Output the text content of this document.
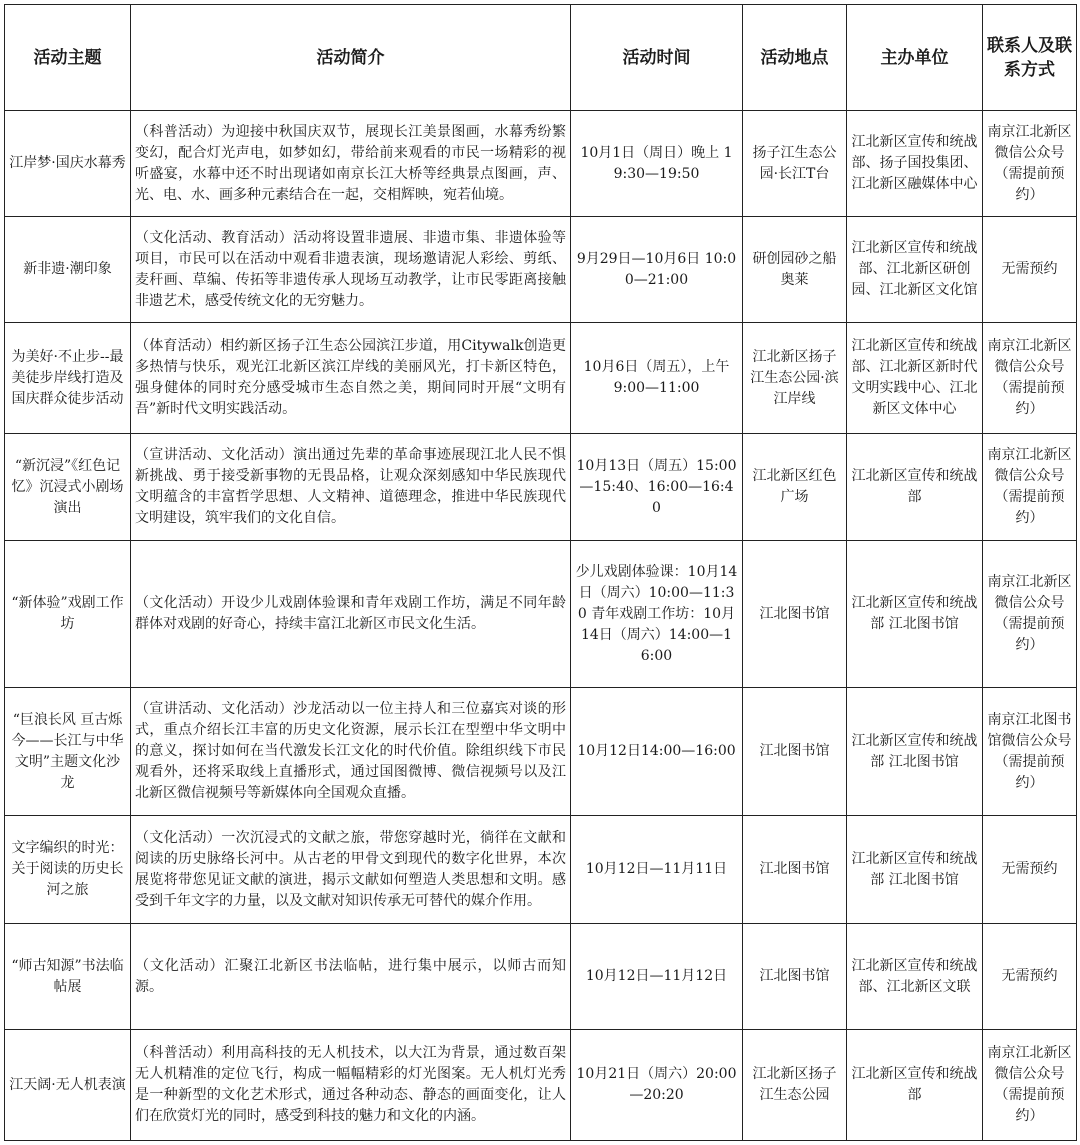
活动主题	活动简介	活动时间	活动地点	主办单位	联系人及联系方式
江岸梦·国庆水幕秀	（科普活动）为迎接中秋国庆双节，展现长江美景图画，水幕秀纷繁变幻，配合灯光声电，如梦如幻，带给前来观看的市民一场精彩的视听盛宴，水幕中还不时出现诸如南京长江大桥等经典景点图画，声、光、电、水、画多种元素结合在一起，交相辉映，宛若仙境。	10月1日（周日）晚上 19:30—19:50	扬子江生态公园·长江T台	江北新区宣传和统战部、扬子国投集团、江北新区融媒体中心	南京江北新区微信公众号（需提前预约）
新非遗·潮印象	（文化活动、教育活动）活动将设置非遗展、非遗市集、非遗体验等项目，市民可以在活动中观看非遗表演，现场邀请泥人彩绘、剪纸、麦秆画、草编、传拓等非遗传承人现场互动教学，让市民零距离接触非遗艺术，感受传统文化的无穷魅力。	9月29日—10月6日 10:00—21:00	研创园砂之船奥莱	江北新区宣传和统战部、江北新区研创园、江北新区文化馆	无需预约
为美好·不止步--最美徒步岸线打造及国庆群众徒步活动	（体育活动）相约新区扬子江生态公园滨江步道，用Citywalk创造更多热情与快乐，观光江北新区滨江岸线的美丽风光，打卡新区特色，强身健体的同时充分感受城市生态自然之美，期间同时开展“文明有吾”新时代文明实践活动。	10月6日（周五），上午 9:00—11:00	江北新区扬子江生态公园·滨江岸线	江北新区宣传和统战部、江北新区新时代文明实践中心、江北新区文体中心	南京江北新区微信公众号（需提前预约）
“新沉浸”《红色记忆》沉浸式小剧场演出	（宣讲活动、文化活动）演出通过先辈的革命事迹展现江北人民不惧新挑战、勇于接受新事物的无畏品格，让观众深刻感知中华民族现代文明蕴含的丰富哲学思想、人文精神、道德理念，推进中华民族现代文明建设，筑牢我们的文化自信。	10月13日（周五）15:00—15:40、16:00—16:40	江北新区红色广场	江北新区宣传和统战部	南京江北新区微信公众号（需提前预约）
“新体验”戏剧工作坊	（文化活动）开设少儿戏剧体验课和青年戏剧工作坊，满足不同年龄群体对戏剧的好奇心，持续丰富江北新区市民文化生活。	少儿戏剧体验课：10月14日（周六）10:00—11:30 青年戏剧工作坊：10月14日（周六）14:00—16:00	江北图书馆	江北新区宣传和统战部 江北图书馆	南京江北新区微信公众号（需提前预约）
“巨浪长风 亘古烁今——长江与中华文明”主题文化沙龙	（宣讲活动、文化活动）沙龙活动以一位主持人和三位嘉宾对谈的形式，重点介绍长江丰富的历史文化资源，展示长江在型塑中华文明中的意义，探讨如何在当代激发长江文化的时代价值。除组织线下市民观看外，还将采取线上直播形式，通过国图微博、微信视频号以及江北新区微信视频号等新媒体向全国观众直播。	10月12日14:00—16:00	江北图书馆	江北新区宣传和统战部 江北图书馆	南京江北图书馆微信公众号（需提前预约）
文字编织的时光：关于阅读的历史长河之旅	（文化活动）一次沉浸式的文献之旅，带您穿越时光，徜徉在文献和阅读的历史脉络长河中。从古老的甲骨文到现代的数字化世界，本次展览将带您见证文献的演进，揭示文献如何塑造人类思想和文明。感受到千年文字的力量，以及文献对知识传承无可替代的媒介作用。	10月12日—11月11日	江北图书馆	江北新区宣传和统战部 江北图书馆	无需预约
“师古知源”书法临帖展	（文化活动）汇聚江北新区书法临帖，进行集中展示，以师古而知源。	10月12日—11月12日	江北图书馆	江北新区宣传和统战部、江北新区文联	无需预约
江天阔·无人机表演	（科普活动）利用高科技的无人机技术，以大江为背景，通过数百架无人机精准的定位飞行，构成一幅幅精彩的灯光图案。无人机灯光秀是一种新型的文化艺术形式，通过各种动态、静态的画面变化，让人们在欣赏灯光的同时，感受到科技的魅力和文化的内涵。	10月21日（周六）20:00—20:20	江北新区扬子江生态公园	江北新区宣传和统战部	南京江北新区微信公众号（需提前预约）
